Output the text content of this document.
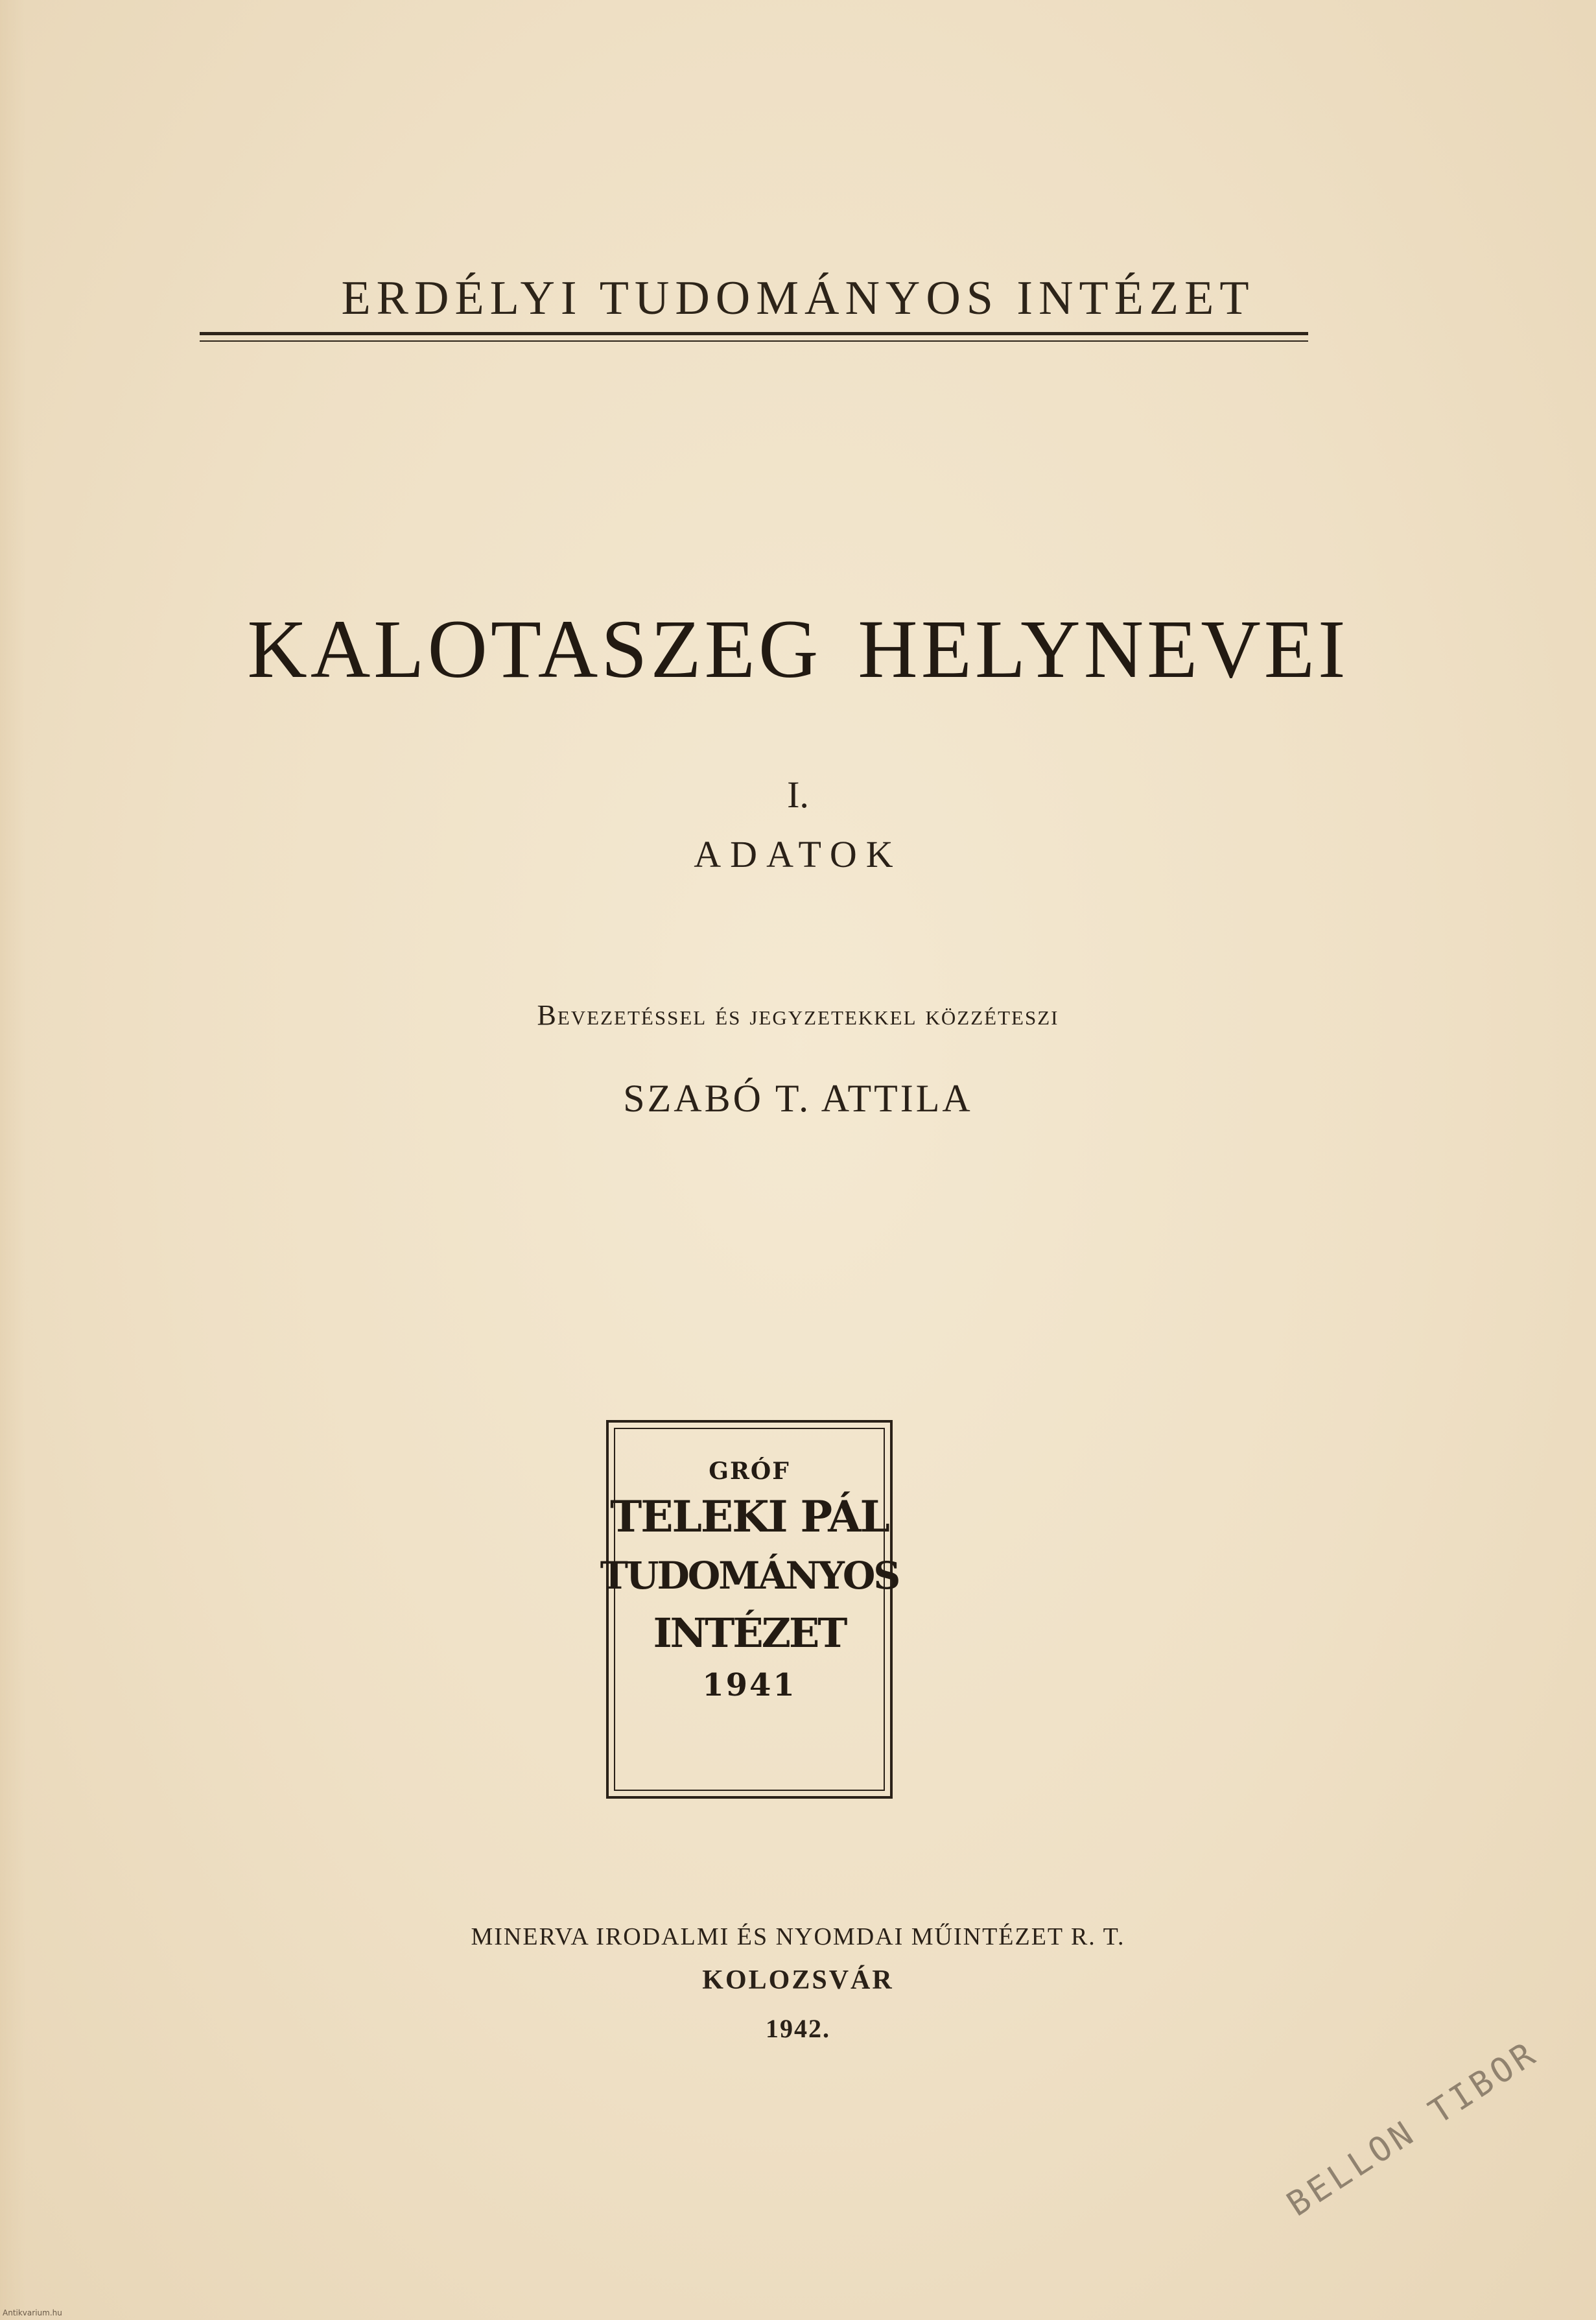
ERDÉLYI TUDOMÁNYOS INTÉZET
KALOTASZEG HELYNEVEI
I.
ADATOK
Bevezetéssel és jegyzetekkel közzéteszi
SZABÓ T. ATTILA
GRÓF
TELEKI PÁL
TUDOMÁNYOS
INTÉZET
1941
MINERVA IRODALMI ÉS NYOMDAI MŰINTÉZET R. T.
KOLOZSVÁR
1942.
BELLON TIBOR
Antikvarium.hu
